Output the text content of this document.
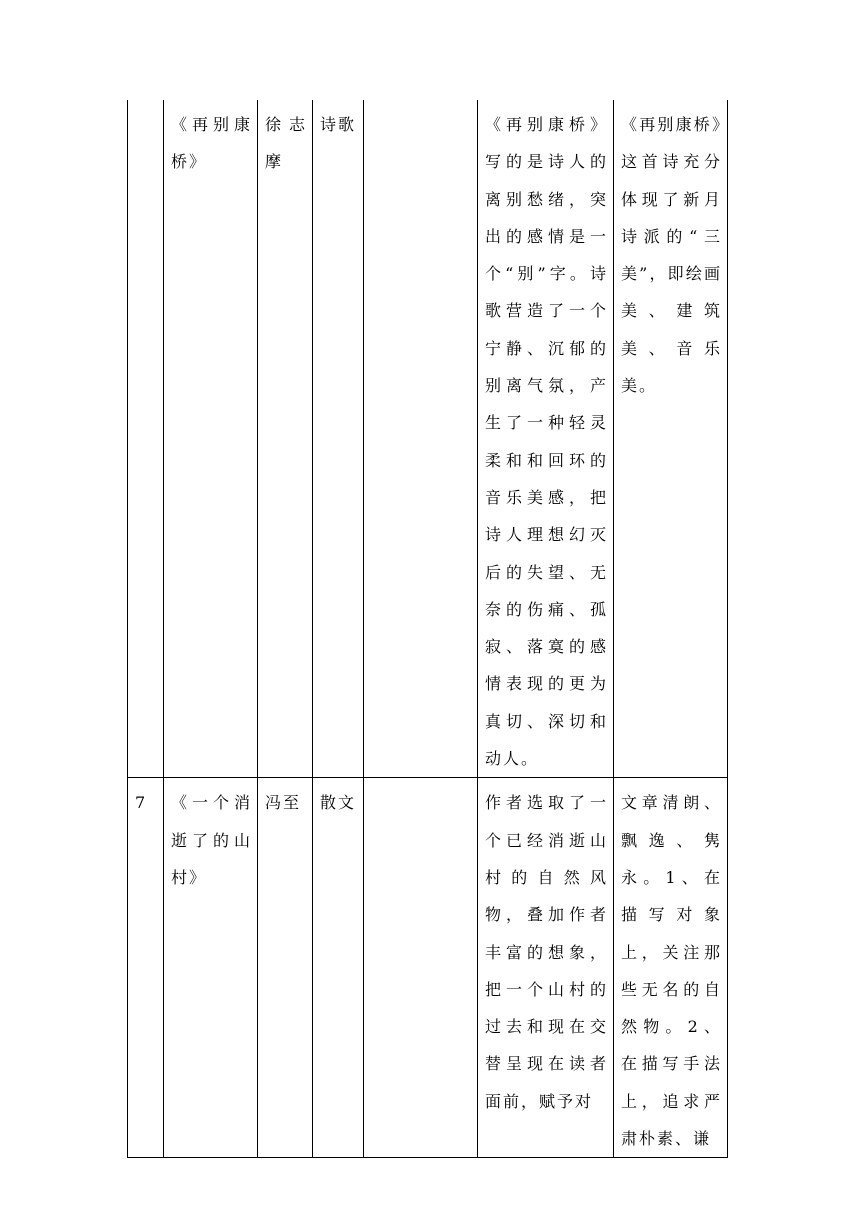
	《再别康桥》	徐志摩	诗歌		《再别康桥》写的是诗人的离别愁绪，突出的感情是一个“别”字。诗歌营造了一个宁静、沉郁的别离气氛，产生了一种轻灵柔和和回环的音乐美感，把诗人理想幻灭后的失望、无奈的伤痛、孤寂、落寞的感情表现的更为真切、深切和动人。	《再别康桥》这首诗充分体现了新月诗派的“三美”，即绘画美、建筑美、音乐美。

7	《一个消逝了的山村》	冯至	散文		作者选取了一个已经消逝山村的自然风物，叠加作者丰富的想象，把一个山村的过去和现在交替呈现在读者面前，赋予对	文章清朗、飘逸、隽永。1、在描写对象上，关注那些无名的自然物。2、在描写手法上，追求严肃朴素、谦
